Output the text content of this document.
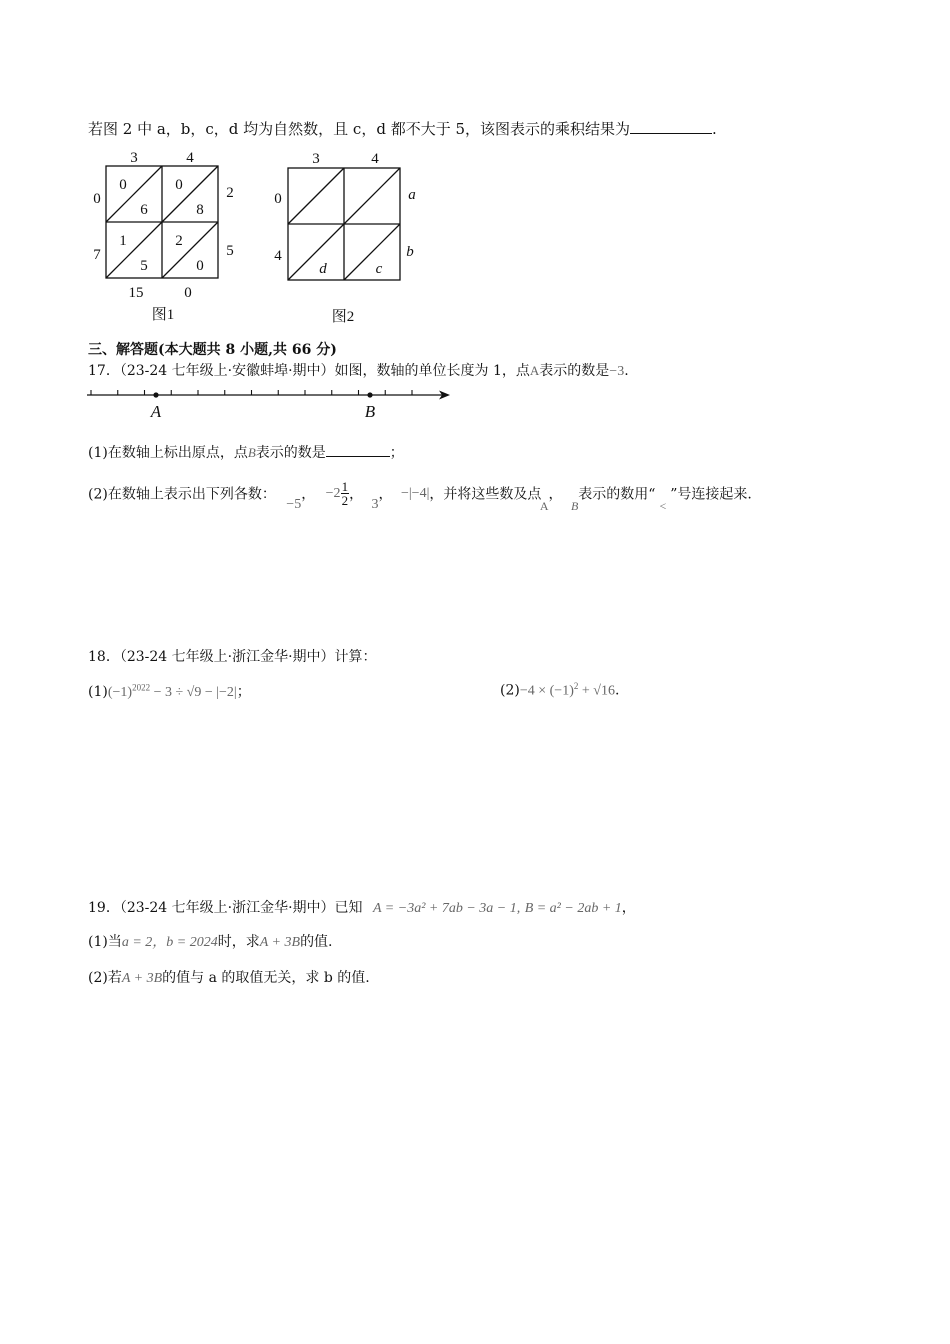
若图 2 中 a，b，c，d 均为自然数，且 c，d 都不大于 5，该图表示的乘积结果为	.
3	4
0
7
2
5
15	0
0
6
0
8
1
5
2
0
图1
3	4
0
4
a
b
d	c
图2
三、解答题(本大题共 8 小题,共 66 分)
17．（23-24 七年级上·安徽蚌埠·期中）如图，数轴的单位长度为 1，点A表示的数是−3.
A	B
(1)在数轴上标出原点，点B表示的数是	；
(2)在数轴上表示出下列各数： −5， $-2 \frac{1}{2}$ ， 3， −|−4|，并将这些数及点 A， B表示的数用“<”号连接起来.
18．（23-24 七年级上·浙江金华·期中）计算：
$(1)(-1)^{2022} - 3 \div √9 - |-2|$；	$(2)-4 \times (-1)^2 + √16$.
19．（23-24 七年级上·浙江金华·期中）已知 A = −3a² + 7ab − 3a − 1, B = a² − 2ab + 1，
(1)当a = 2，b = 2024时，求A + 3B的值.
(2)若A + 3B的值与 a 的取值无关，求 b 的值.
